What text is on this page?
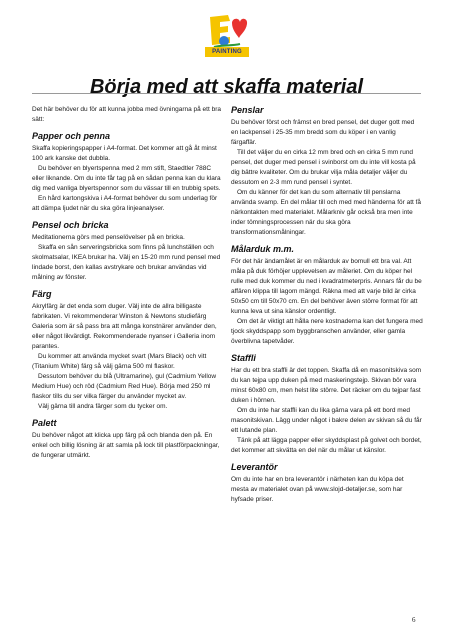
PAINTING
Börja med att skaffa material

Det här behöver du för att kunna jobba med övningarna på ett bra sätt:

Papper och penna

Skaffa kopieringspapper i A4-format. Det kommer att gå åt minst 100 ark kanske det dubbla.

Du behöver en blyertspenna med 2 mm stift, Staedtler 788C eller liknande. Om du inte får tag på en sådan penna kan du klara dig med vanliga blyertspennor som du vässar till en trubbig spets.

En hård kartongskiva i A4-format behöver du som underlag för att dämpa ljudet när du ska göra linjeanalyser.

Pensel och bricka

Meditationerna görs med penselövelser på en bricka.

Skaffa en sån serveringsbricka som finns på lunchställen och skolmatsalar, IKEA brukar ha. Välj en 15-20 mm rund pensel med lindade borst, den kallas avstrykare och brukar användas vid målning av fönster.

Färg

Akrylfärg är det enda som duger. Välj inte de allra billigaste fabrikaten. Vi rekommenderar Winston & Newtons studiefärg Galeria som är så pass bra att många konstnärer använder den, eller något likvärdigt. Rekommenderade nyanser i Galleria inom parantes.

Du kommer att använda mycket svart (Mars Black) och vitt (Titanium White) färg så välj gärna 500 ml flaskor.

Dessutom behöver du blå (Ultramarine), gul (Cadmium Yellow Medium Hue) och röd (Cadmium Red Hue). Börja med 250 ml flaskor tills du ser vilka färger du använder mycket av.

Välj gärna till andra färger som du tycker om.

Palett

Du behöver något att klicka upp färg på och blanda den på. En enkel och billig lösning är att samla på lock till plastförpackningar, de fungerar utmärkt.

Penslar

Du behöver först och främst en bred pensel, det duger gott med en lackpensel i 25-35 mm bredd som du köper i en vanlig färgaffär.

Till det väljer du en cirka 12 mm bred och en cirka 5 mm rund pensel, det duger med pensel i svinborst om du inte vill kosta på dig bättre kvaliteter. Om du brukar vilja måla detaljer väljer du dessutom en 2-3 mm rund pensel i syntet.

Om du känner för det kan du som alternativ till penslarna använda svamp. En del målar till och med med händerna för att få närkontakten med materialet. Målarkniv går också bra men inte inder tömningsprocessen när du ska göra transformationsmålningar.

Målarduk m.m.

För det här ändamålet är en målarduk av bomull ett bra val. Att måla på duk förhöjer upplevelsen av måleriet. Om du köper hel rulle med duk kommer du ned i kvadratmeterpris. Annars får du be affären klippa till lagom mängd. Räkna med att varje bild är cirka 50x50 cm till 50x70 cm. En del behöver även större format för att kunna leva ut sina känslor ordentligt.

Om det är viktigt att hålla nere kostnaderna kan det fungera med tjock skyddspapp som byggbranschen använder, eller gamla överblivna tapetvåder.

Staffli

Har du ett bra staffli är det toppen. Skaffa då en masonitskiva som du kan tejpa upp duken på med maskeringstejp. Skivan bör vara minst 60x80 cm, men helst lite större. Det räcker om du tejpar fast duken i hörnen.

Om du inte har staffli kan du lika gärna vara på ett bord med masonitskivan. Lägg under något i bakre delen av skivan så du får ett lutande plan.

Tänk på att lägga papper eller skyddsplast på golvet och bordet, det kommer att skvätta en del när du målar ut känslor.

Leverantör

Om du inte har en bra leverantör i närheten kan du köpa det mesta av materialet ovan på www.slojd-detaljer.se, som har hyfsade priser.

6
